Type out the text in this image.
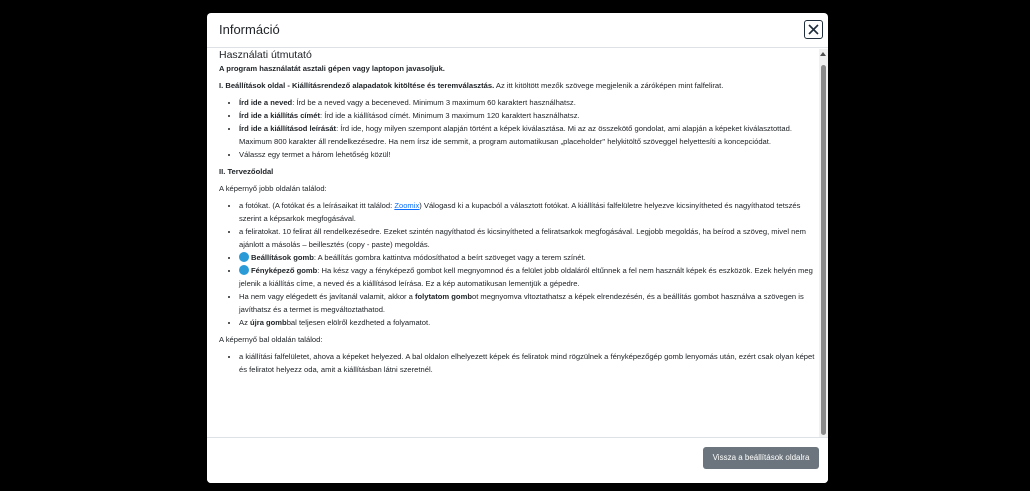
Információ
Használati útmutató

A program használatát asztali gépen vagy laptopon javasoljuk.

I. Beállítások oldal - Kiállításrendező alapadatok kitöltése és teremválasztás. Az itt kitöltött mezők szövege megjelenik a záróképen mint falfelirat.

• Írd ide a neved: Írd be a neved vagy a beceneved. Minimum 3 maximum 60 karaktert használhatsz.
• Írd ide a kiállítás címét: Írd ide a kiállításod címét. Minimum 3 maximum 120 karaktert használhatsz.
• Írd ide a kiállításod leírását: Írd ide, hogy milyen szempont alapján történt a képek kiválasztása. Mi az az összekötő gondolat, ami alapján a képeket kiválasztottad. Maximum 800 karakter áll rendelkezésedre. Ha nem írsz ide semmit, a program automatikusan „placeholder" helykitöltő szöveggel helyettesíti a koncepciódat.
• Válassz egy termet a három lehetőség közül!

II. Tervezőoldal

A képernyő jobb oldalán találod:

• a fotókat. (A fotókat és a leírásaikat itt találod: Zoomix) Válogasd ki a kupacból a választott fotókat. A kiállítási falfelületre helyezve kicsinyítheted és nagyíthatod tetszés szerint a képsarkok megfogásával.
• a feliratokat. 10 felirat áll rendelkezésedre. Ezeket szintén nagyíthatod és kicsinyítheted a feliratsarkok megfogásával. Legjobb megoldás, ha beírod a szöveg, mivel nem ajánlott a másolás – beillesztés (copy - paste) megoldás.
• Beállítások gomb: A beállítás gombra kattintva módosíthatod a beírt szöveget vagy a terem színét.
• Fényképező gomb: Ha kész vagy a fényképező gombot kell megnyomnod és a felület jobb oldaláról eltűnnek a fel nem használt képek és eszközök. Ezek helyén meg jelenik a kiállítás címe, a neved és a kiállításod leírása. Ez a kép automatikusan lementjük a gépedre.
• Ha nem vagy elégedett és javítanál valamit, akkor a folytatom gombot megnyomva vltoztathatsz a képek elrendezésén, és a beállítás gombot használva a szövegen is javíthatsz és a termet is megváltoztathatod.
• Az újra gombbal teljesen elölről kezdheted a folyamatot.

A képernyő bal oldalán találod:

• a kiállítási falfelületet, ahova a képeket helyezed. A bal oldalon elhelyezett képek és feliratok mind rögzülnek a fényképezőgép gomb lenyomás után, ezért csak olyan képet és feliratot helyezz oda, amit a kiállításban látni szeretnél.
Vissza a beállítások oldalra
